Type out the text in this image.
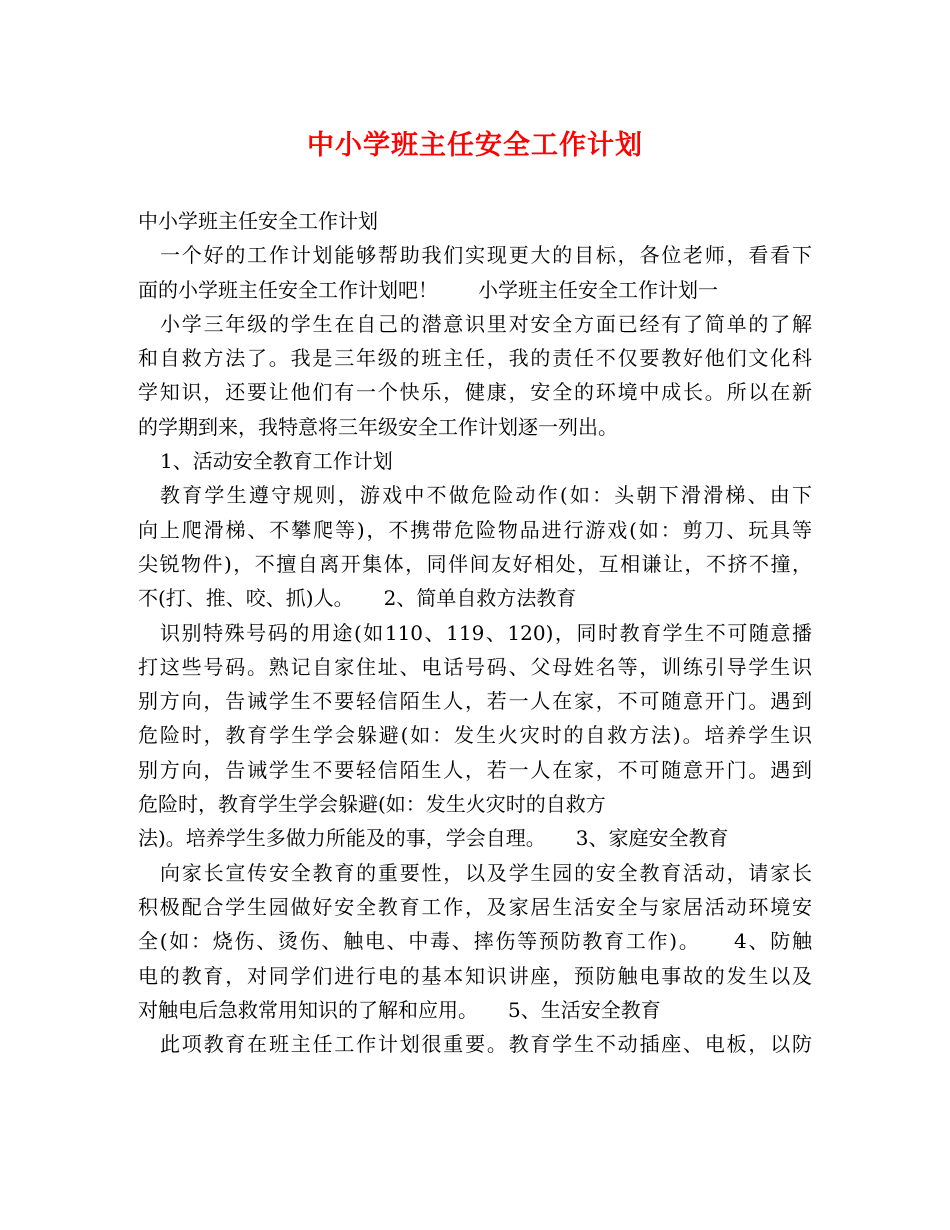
中小学班主任安全工作计划
中小学班主任安全工作计划
一个好的工作计划能够帮助我们实现更大的目标，各位老师，看看下
面的小学班主任安全工作计划吧！　　小学班主任安全工作计划一
小学三年级的学生在自己的潜意识里对安全方面已经有了简单的了解
和自救方法了。我是三年级的班主任，我的责任不仅要教好他们文化科
学知识，还要让他们有一个快乐，健康，安全的环境中成长。所以在新
的学期到来，我特意将三年级安全工作计划逐一列出。
1、活动安全教育工作计划
教育学生遵守规则，游戏中不做危险动作(如：头朝下滑滑梯、由下
向上爬滑梯、不攀爬等)，不携带危险物品进行游戏(如：剪刀、玩具等
尖锐物件)，不擅自离开集体，同伴间友好相处，互相谦让，不挤不撞，
不(打、推、咬、抓)人。　　2、简单自救方法教育
识别特殊号码的用途(如110、119、120)，同时教育学生不可随意播
打这些号码。熟记自家住址、电话号码、父母姓名等，训练引导学生识
别方向，告诫学生不要轻信陌生人，若一人在家，不可随意开门。遇到
危险时，教育学生学会躲避(如：发生火灾时的自救方法)。培养学生识
别方向，告诫学生不要轻信陌生人，若一人在家，不可随意开门。遇到
危险时，教育学生学会躲避(如：发生火灾时的自救方
法)。培养学生多做力所能及的事，学会自理。　　3、家庭安全教育
向家长宣传安全教育的重要性，以及学生园的安全教育活动，请家长
积极配合学生园做好安全教育工作，及家居生活安全与家居活动环境安
全(如：烧伤、烫伤、触电、中毒、摔伤等预防教育工作)。　　4、防触
电的教育，对同学们进行电的基本知识讲座，预防触电事故的发生以及
对触电后急救常用知识的了解和应用。　　5、生活安全教育
此项教育在班主任工作计划很重要。教育学生不动插座、电板，以防
